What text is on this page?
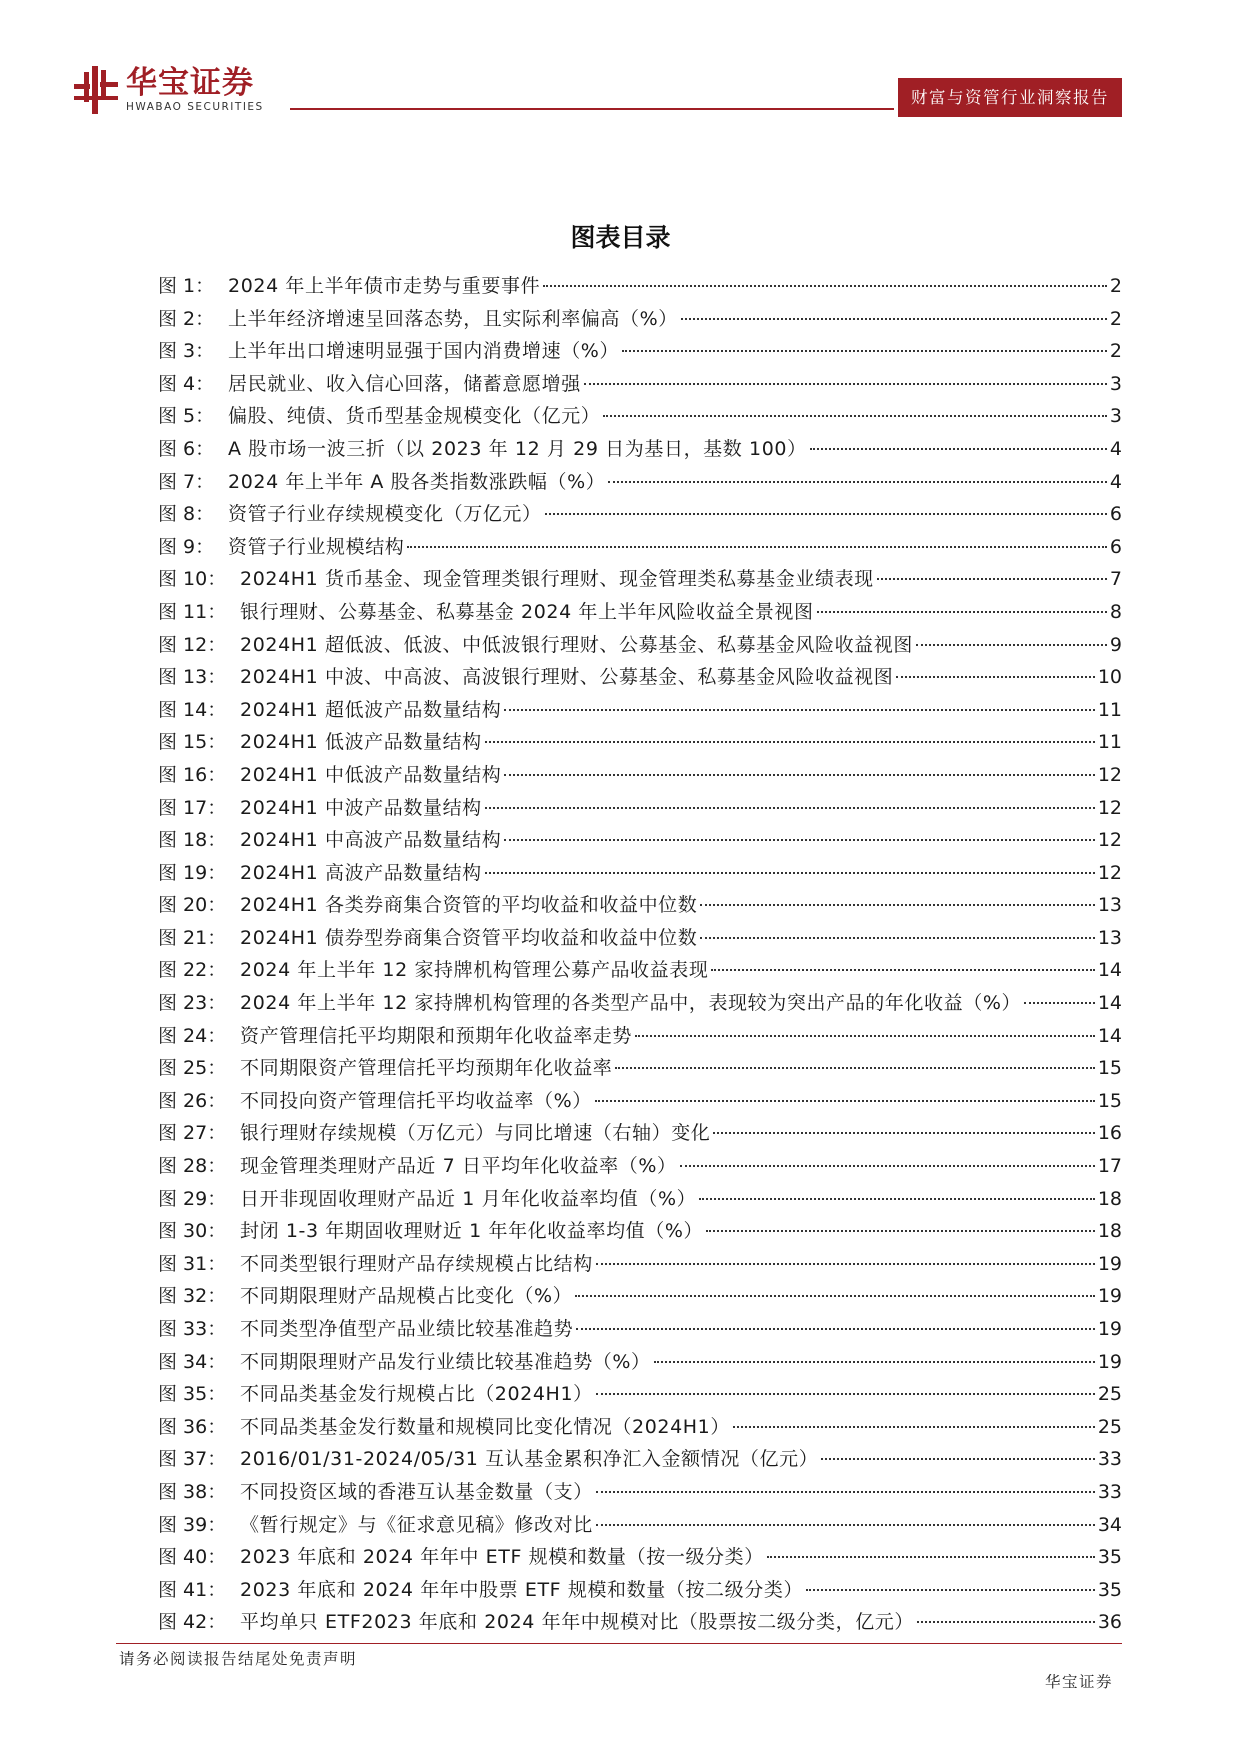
华宝证券
HWABAO SECURITIES	财富与资管行业洞察报告
图表目录
图 1： 2024 年上半年债市走势与重要事件	2
图 2： 上半年经济增速呈回落态势，且实际利率偏高（%）	2
图 3： 上半年出口增速明显强于国内消费增速（%）	2
图 4： 居民就业、收入信心回落，储蓄意愿增强	3
图 5： 偏股、纯债、货币型基金规模变化（亿元）	3
图 6： A 股市场一波三折（以 2023 年 12 月 29 日为基日，基数 100）	4
图 7： 2024 年上半年 A 股各类指数涨跌幅（%）	4
图 8： 资管子行业存续规模变化（万亿元）	6
图 9： 资管子行业规模结构	6
图 10： 2024H1 货币基金、现金管理类银行理财、现金管理类私募基金业绩表现	7
图 11： 银行理财、公募基金、私募基金 2024 年上半年风险收益全景视图	8
图 12： 2024H1 超低波、低波、中低波银行理财、公募基金、私募基金风险收益视图	9
图 13： 2024H1 中波、中高波、高波银行理财、公募基金、私募基金风险收益视图	10
图 14： 2024H1 超低波产品数量结构	11
图 15： 2024H1 低波产品数量结构	11
图 16： 2024H1 中低波产品数量结构	12
图 17： 2024H1 中波产品数量结构	12
图 18： 2024H1 中高波产品数量结构	12
图 19： 2024H1 高波产品数量结构	12
图 20： 2024H1 各类券商集合资管的平均收益和收益中位数	13
图 21： 2024H1 债券型券商集合资管平均收益和收益中位数	13
图 22： 2024 年上半年 12 家持牌机构管理公募产品收益表现	14
图 23： 2024 年上半年 12 家持牌机构管理的各类型产品中，表现较为突出产品的年化收益（%）	14
图 24： 资产管理信托平均期限和预期年化收益率走势	14
图 25： 不同期限资产管理信托平均预期年化收益率	15
图 26： 不同投向资产管理信托平均收益率（%）	15
图 27： 银行理财存续规模（万亿元）与同比增速（右轴）变化	16
图 28： 现金管理类理财产品近 7 日平均年化收益率（%）	17
图 29： 日开非现固收理财产品近 1 月年化收益率均值（%）	18
图 30： 封闭 1-3 年期固收理财近 1 年年化收益率均值（%）	18
图 31： 不同类型银行理财产品存续规模占比结构	19
图 32： 不同期限理财产品规模占比变化（%）	19
图 33： 不同类型净值型产品业绩比较基准趋势	19
图 34： 不同期限理财产品发行业绩比较基准趋势（%）	19
图 35： 不同品类基金发行规模占比（2024H1）	25
图 36： 不同品类基金发行数量和规模同比变化情况（2024H1）	25
图 37： 2016/01/31-2024/05/31 互认基金累积净汇入金额情况（亿元）	33
图 38： 不同投资区域的香港互认基金数量（支）	33
图 39： 《暂行规定》与《征求意见稿》修改对比	34
图 40： 2023 年底和 2024 年年中 ETF 规模和数量（按一级分类）	35
图 41： 2023 年底和 2024 年年中股票 ETF 规模和数量（按二级分类）	35
图 42： 平均单只 ETF2023 年底和 2024 年年中规模对比（股票按二级分类，亿元）	36
请务必阅读报告结尾处免责声明
华宝证券
